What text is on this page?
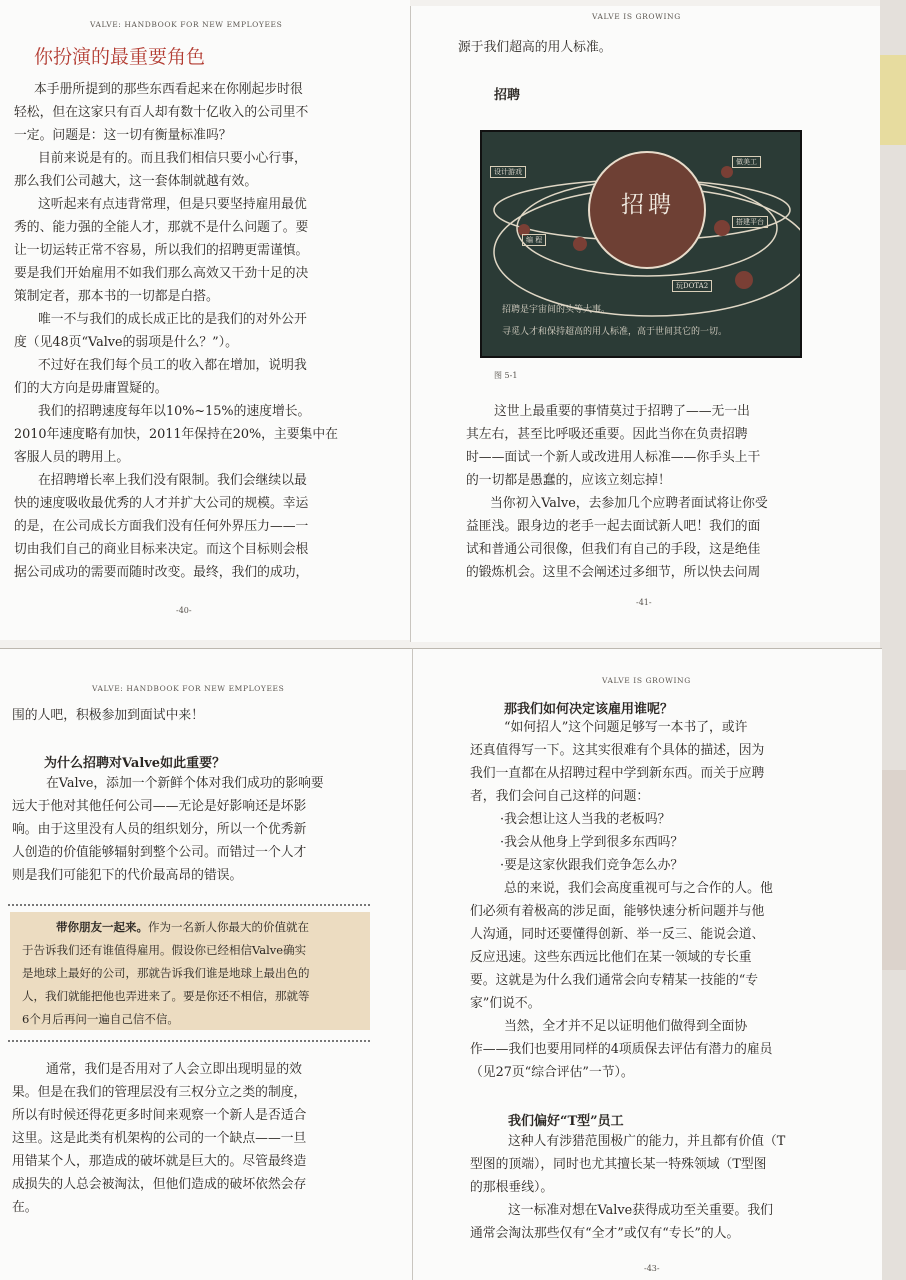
VALVE: HANDBOOK FOR NEW EMPLOYEES
你扮演的最重要角色

本手册所提到的那些东西看起来在你刚起步时很
轻松，但在这家只有百人却有数十亿收入的公司里不
一定。问题是：这一切有衡量标准吗？
目前来说是有的。而且我们相信只要小心行事，
那么我们公司越大，这一套体制就越有效。
这听起来有点违背常理，但是只要坚持雇用最优
秀的、能力强的全能人才，那就不是什么问题了。要
让一切运转正常不容易，所以我们的招聘更需谨慎。
要是我们开始雇用不如我们那么高效又干劲十足的决
策制定者，那本书的一切都是白搭。
唯一不与我们的成长成正比的是我们的对外公开
度（见48页“Valve的弱项是什么？”）。
不过好在我们每个员工的收入都在增加，说明我
们的大方向是毋庸置疑的。
我们的招聘速度每年以10%~15%的速度增长。
2010年速度略有加快，2011年保持在20%，主要集中在
客服人员的聘用上。
在招聘增长率上我们没有限制。我们会继续以最
快的速度吸收最优秀的人才并扩大公司的规模。幸运
的是，在公司成长方面我们没有任何外界压力——一
切由我们自己的商业目标来决定。而这个目标则会根
据公司成功的需要而随时改变。最终，我们的成功，

-40-
VALVE IS GROWING

源于我们超高的用人标准。

招聘
招聘
设计游戏
做美工
编 程
搭建平台
玩DOTA2
招聘是宇宙间的头等大事。
寻觅人才和保持超高的用人标准，高于世间其它的一切。
图 5-1

这世上最重要的事情莫过于招聘了——无一出
其左右，甚至比呼吸还重要。因此当你在负责招聘
时——面试一个新人或改进用人标准——你手头上干
的一切都是愚蠢的，应该立刻忘掉！
当你初入Valve，去参加几个应聘者面试将让你受
益匪浅。跟身边的老手一起去面试新人吧！我们的面
试和普通公司很像，但我们有自己的手段，这是绝佳
的锻炼机会。这里不会阐述过多细节，所以快去问周

-41-
VALVE: HANDBOOK FOR NEW EMPLOYEES

围的人吧，积极参加到面试中来！

为什么招聘对Valve如此重要？

在Valve，添加一个新鲜个体对我们成功的影响要
远大于他对其他任何公司——无论是好影响还是坏影
响。由于这里没有人员的组织划分，所以一个优秀新
人创造的价值能够辐射到整个公司。而错过一个人才
则是我们可能犯下的代价最高昂的错误。

带你朋友一起来。作为一名新人你最大的价值就在
于告诉我们还有谁值得雇用。假设你已经相信Valve确实
是地球上最好的公司，那就告诉我们谁是地球上最出色的
人，我们就能把他也弄进来了。要是你还不相信，那就等
6个月后再问一遍自己信不信。

通常，我们是否用对了人会立即出现明显的效
果。但是在我们的管理层没有三权分立之类的制度，
所以有时候还得花更多时间来观察一个新人是否适合
这里。这是此类有机架构的公司的一个缺点——一旦
用错某个人，那造成的破坏就是巨大的。尽管最终造
成损失的人总会被淘汰，但他们造成的破坏依然会存
在。

VALVE IS GROWING
那我们如何决定该雇用谁呢？

“如何招人”这个问题足够写一本书了，或许
还真值得写一下。这其实很难有个具体的描述，因为
我们一直都在从招聘过程中学到新东西。而关于应聘
者，我们会问自己这样的问题：
·我会想让这人当我的老板吗？
·我会从他身上学到很多东西吗？
·要是这家伙跟我们竞争怎么办？
总的来说，我们会高度重视可与之合作的人。他
们必须有着极高的涉足面，能够快速分析问题并与他
人沟通，同时还要懂得创新、举一反三、能说会道、
反应迅速。这些东西远比他们在某一领域的专长重
要。这就是为什么我们通常会向专精某一技能的“专
家”们说不。
当然，全才并不足以证明他们做得到全面协
作——我们也要用同样的4项质保去评估有潜力的雇员
（见27页“综合评估”一节）。

我们偏好“T型”员工

这种人有涉猎范围极广的能力，并且都有价值（T
型图的顶端），同时也尤其擅长某一特殊领域（T型图
的那根垂线）。
这一标准对想在Valve获得成功至关重要。我们
通常会淘汰那些仅有“全才”或仅有“专长”的人。

-43-
